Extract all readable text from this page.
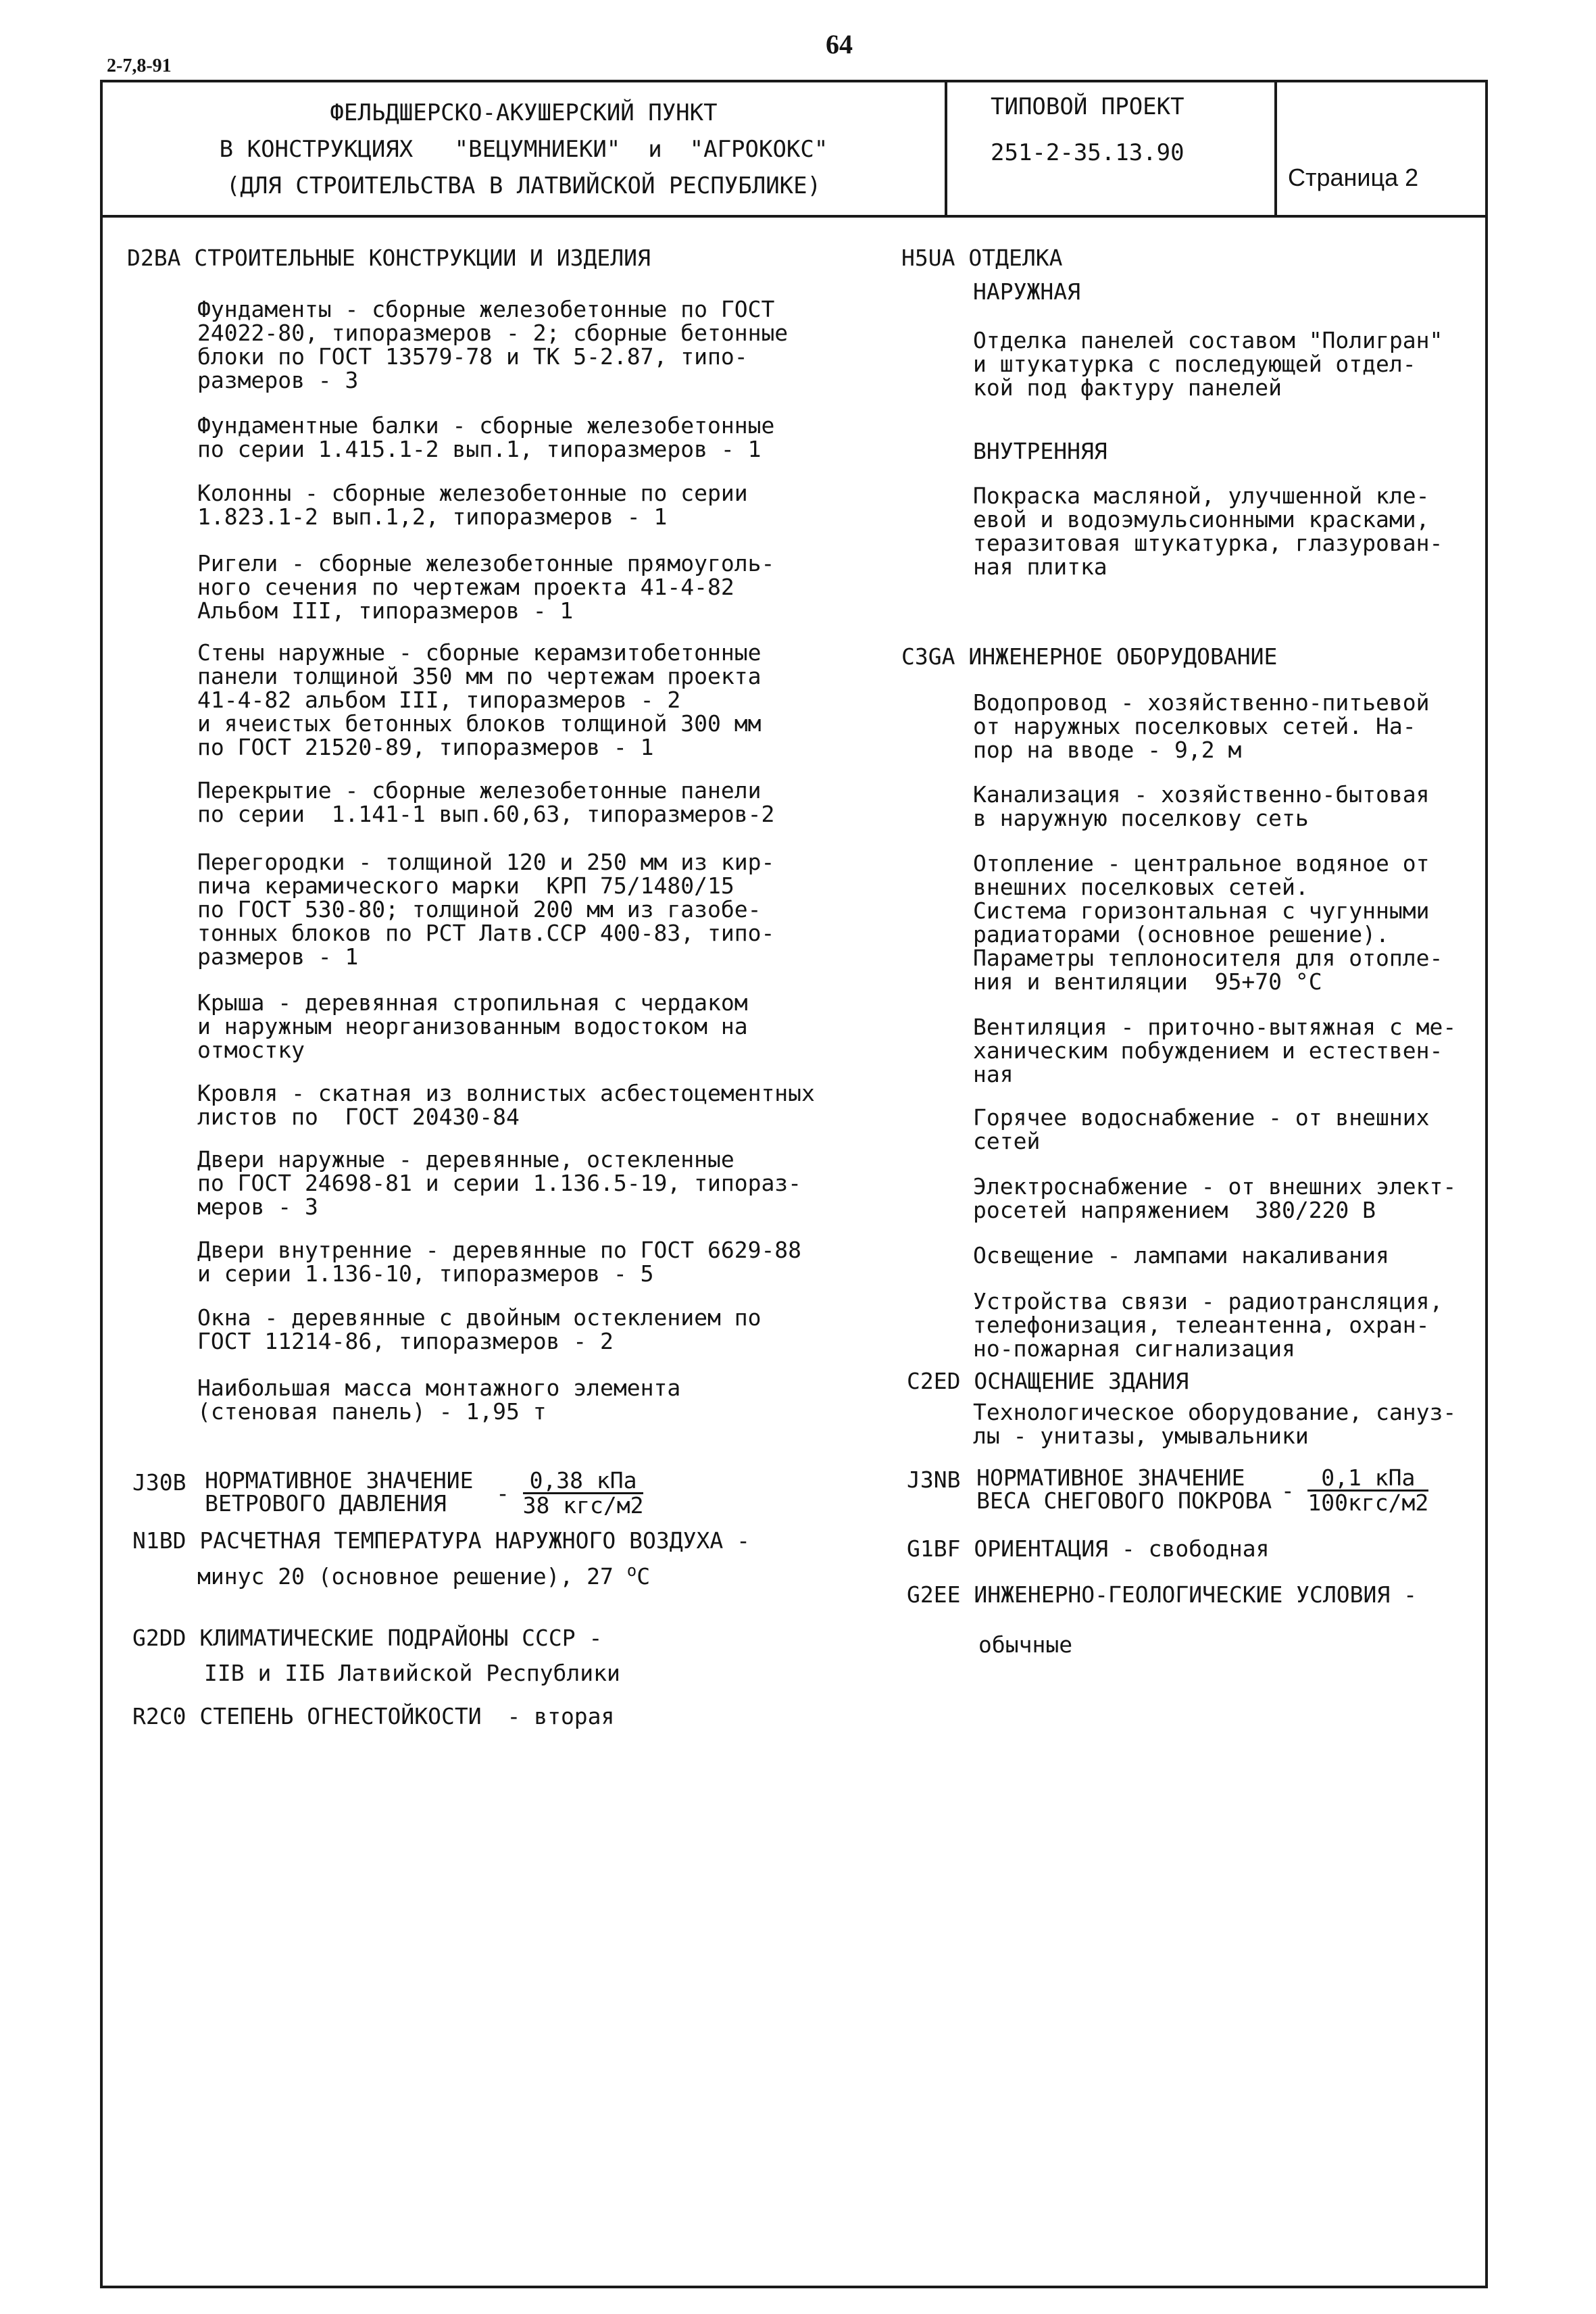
64
2-7,8-91
ФЕЛЬДШЕРСКО-АКУШЕРСКИЙ ПУНКТ
В КОНСТРУКЦИЯХ   "ВЕЦУМНИЕКИ"  и  "АГРОКОКС"
(ДЛЯ СТРОИТЕЛЬСТВА В ЛАТВИЙСКОЙ РЕСПУБЛИКЕ)
ТИПОВОЙ ПРОЕКТ
251-2-35.13.90
Страница 2
D2BA СТРОИТЕЛЬНЫЕ КОНСТРУКЦИИ И ИЗДЕЛИЯ
Фундаменты - сборные железобетонные по ГОСТ
24022-80, типоразмеров - 2; сборные бетонные
блоки по ГОСТ 13579-78 и ТК 5-2.87, типо-
размеров - 3
Фундаментные балки - сборные железобетонные
по серии 1.415.1-2 вып.1, типоразмеров - 1
Колонны - сборные железобетонные по серии
1.823.1-2 вып.1,2, типоразмеров - 1
Ригели - сборные железобетонные прямоуголь-
ного сечения по чертежам проекта 41-4-82
Альбом III, типоразмеров - 1
Стены наружные - сборные керамзитобетонные
панели толщиной 350 мм по чертежам проекта
41-4-82 альбом III, типоразмеров - 2
и ячеистых бетонных блоков толщиной 300 мм
по ГОСТ 21520-89, типоразмеров - 1
Перекрытие - сборные железобетонные панели
по серии  1.141-1 вып.60,63, типоразмеров-2
Перегородки - толщиной 120 и 250 мм из кир-
пича керамического марки  КРП 75/1480/15
по ГОСТ 530-80; толщиной 200 мм из газобе-
тонных блоков по РСТ Латв.ССР 400-83, типо-
размеров - 1
Крыша - деревянная стропильная с чердаком
и наружным неорганизованным водостоком на
отмостку
Кровля - скатная из волнистых асбестоцементных
листов по  ГОСТ 20430-84
Двери наружные - деревянные, остекленные
по ГОСТ 24698-81 и серии 1.136.5-19, типораз-
меров - 3
Двери внутренние - деревянные по ГОСТ 6629-88
и серии 1.136-10, типоразмеров - 5
Окна - деревянные с двойным остеклением по
ГОСТ 11214-86, типоразмеров - 2
Наибольшая масса монтажного элемента
(стеновая панель) - 1,95 т
J30B НОРМАТИВНОЕ ЗНАЧЕНИЕ
ВЕТРОВОГО ДАВЛЕНИЯ	- $\frac{\text{0,38 кПа}}{\text{38 кгс/м2}}$
N1BD РАСЧЕТНАЯ ТЕМПЕРАТУРА НАРУЖНОГО ВОЗДУХА -
минус 20 (основное решение), 27 $^о$С
G2DD КЛИМАТИЧЕСКИЕ ПОДРАЙОНЫ СССР -
IIВ и IIБ Латвийской Республики
R2C0 СТЕПЕНЬ ОГНЕСТОЙКОСТИ - вторая
H5UA ОТДЕЛКА
НАРУЖНАЯ
Отделка панелей составом "Полигран"
и штукатурка с последующей отдел-
кой под фактуру панелей
ВНУТРЕННЯЯ
Покраска масляной, улучшенной кле-
евой и водоэмульсионными красками,
теразитовая штукатурка, глазурован-
ная плитка
C3GA ИНЖЕНЕРНОЕ ОБОРУДОВАНИЕ
Водопровод - хозяйственно-питьевой
от наружных поселковых сетей. На-
пор на вводе - 9,2 м
Канализация - хозяйственно-бытовая
в наружную поселкову сеть
Отопление - центральное водяное от
внешних поселковых сетей.
Система горизонтальная с чугунными
радиаторами (основное решение).
Параметры теплоносителя для отопле-
ния и вентиляции  95+70 °С
Вентиляция - приточно-вытяжная с ме-
ханическим побуждением и естествен-
ная
Горячее водоснабжение - от внешних
сетей
Электроснабжение - от внешних элект-
росетей напряжением  380/220 В
Освещение - лампами накаливания
Устройства связи - радиотрансляция,
телефонизация, телеантенна, охран-
но-пожарная сигнализация
C2ED ОСНАЩЕНИЕ ЗДАНИЯ
Технологическое оборудование, сануз-
лы - унитазы, умывальники
J3NB НОРМАТИВНОЕ ЗНАЧЕНИЕ
ВЕСА СНЕГОВОГО ПОКРОВА - $\frac{\text{0,1 кПа}}{\text{100кгс/м2}}$
G1BF ОРИЕНТАЦИЯ - свободная
G2EE ИНЖЕНЕРНО-ГЕОЛОГИЧЕСКИЕ УСЛОВИЯ -
обычные
